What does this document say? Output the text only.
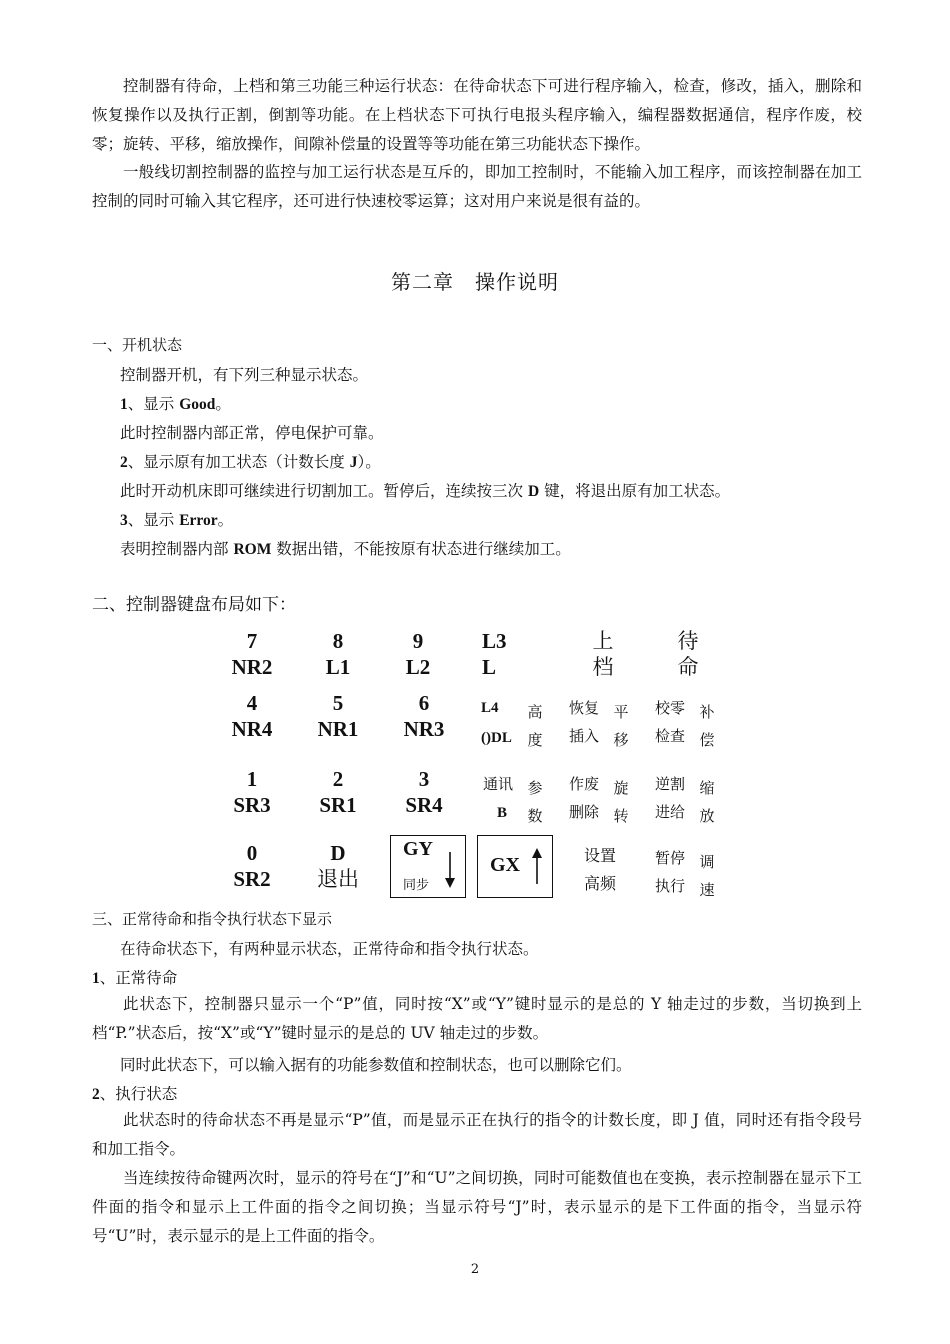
控制器有待命，上档和第三功能三种运行状态：在待命状态下可进行程序输入，检查，修改，插入，删除和恢复操作以及执行正割，倒割等功能。在上档状态下可执行电报头程序输入，编程器数据通信，程序作废，校零；旋转、平移，缩放操作，间隙补偿量的设置等等功能在第三功能状态下操作。
一般线切割控制器的监控与加工运行状态是互斥的，即加工控制时，不能输入加工程序，而该控制器在加工控制的同时可输入其它程序，还可进行快速校零运算；这对用户来说是很有益的。
第二章　操作说明
一、开机状态
控制器开机，有下列三种显示状态。
1、显示 Good。
此时控制器内部正常，停电保护可靠。
2、显示原有加工状态（计数长度 J）。
此时开动机床即可继续进行切割加工。暂停后，连续按三次 D 键，将退出原有加工状态。
3、显示 Error。
表明控制器内部 ROM 数据出错，不能按原有状态进行继续加工。
二、控制器键盘布局如下：
7
NR2
8
L1
9
L2
L3
L
上
档
待
命
4
NR4
5
NR1
6
NR3
L4
()DL
高
度
恢复
插入
平
移
校零
检查
补
偿
1
SR3
2
SR1
3
SR4
通讯
B
参
数
作废
删除
旋
转
逆割
进给
缩
放
0
SR2
D
退出
GY
同步
GX	设置
高频
暂停
执行
调
速
三、正常待命和指令执行状态下显示
在待命状态下，有两种显示状态，正常待命和指令执行状态。
1、正常待命
此状态下，控制器只显示一个“P”值，同时按“X”或“Y”键时显示的是总的 Y 轴走过的步数，当切换到上档“P.”状态后，按“X”或“Y”键时显示的是总的 UV 轴走过的步数。
同时此状态下，可以输入据有的功能参数值和控制状态，也可以删除它们。
2、执行状态
此状态时的待命状态不再是显示“P”值，而是显示正在执行的指令的计数长度，即 J 值，同时还有指令段号和加工指令。
当连续按待命键两次时，显示的符号在“J”和“U”之间切换，同时可能数值也在变换，表示控制器在显示下工件面的指令和显示上工件面的指令之间切换；当显示符号“J”时，表示显示的是下工件面的指令，当显示符号“U”时，表示显示的是上工件面的指令。
2
